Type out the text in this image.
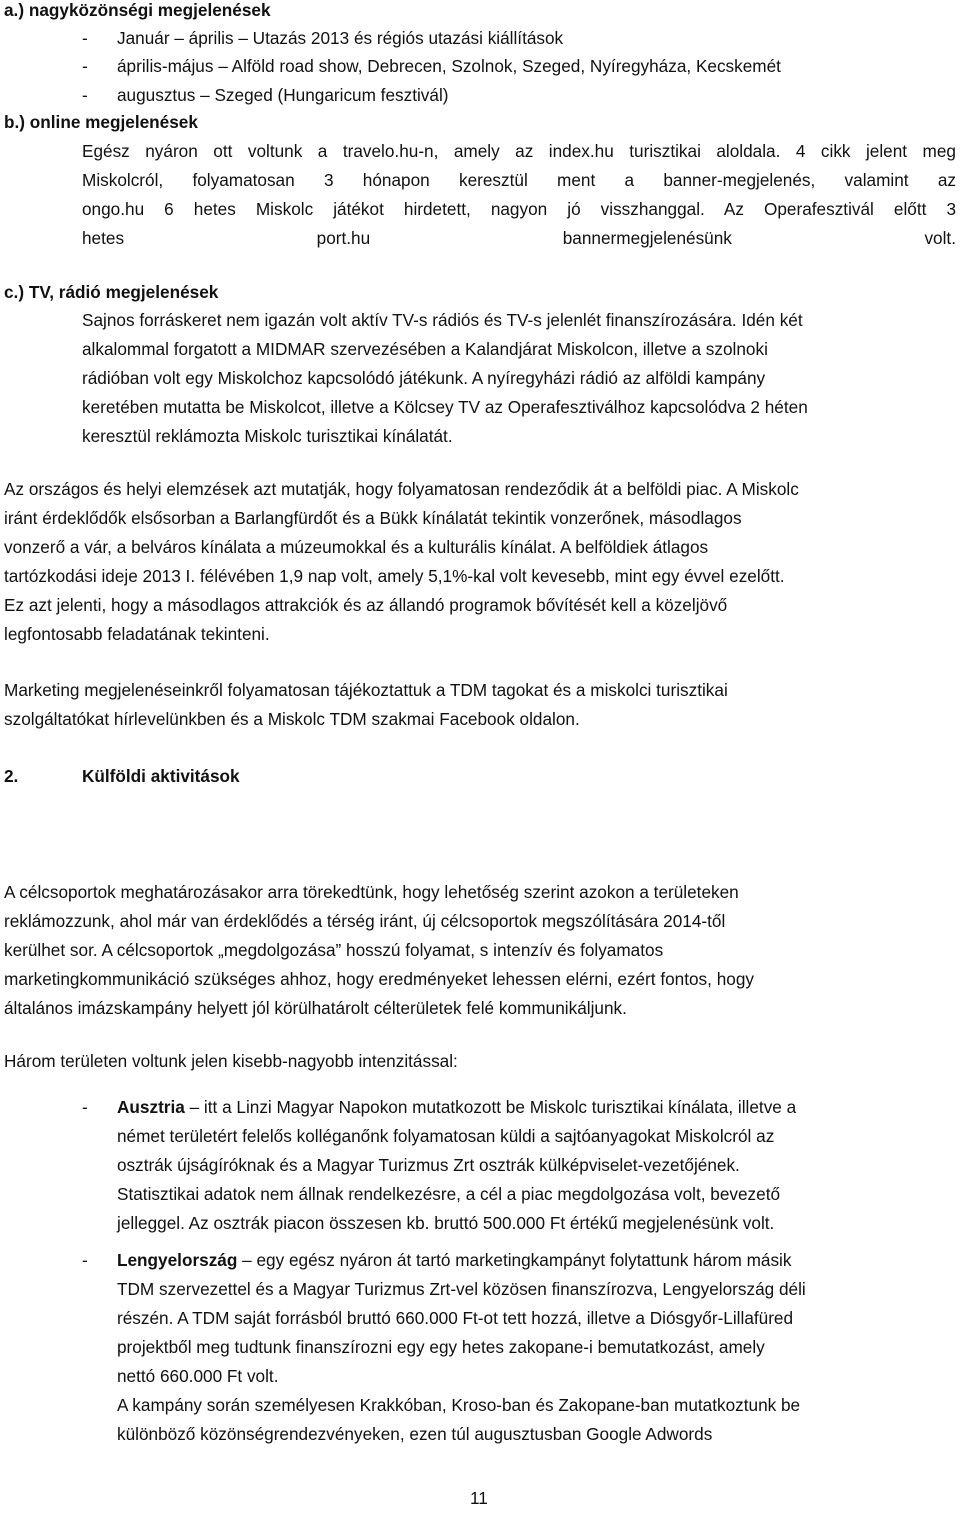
a.) nagyközönségi megjelenések
- Január – április – Utazás 2013 és régiós utazási kiállítások
- április-május – Alföld road show, Debrecen, Szolnok, Szeged, Nyíregyháza, Kecskemét
- augusztus – Szeged (Hungaricum fesztivál)
b.) online megjelenések
Egész nyáron ott voltunk a travelo.hu-n, amely az index.hu turisztikai aloldala. 4 cikk jelent meg
Miskolcról, folyamatosan 3 hónapon keresztül ment a banner-megjelenés, valamint az
ongo.hu 6 hetes Miskolc játékot hirdetett, nagyon jó visszhanggal. Az Operafesztivál előtt 3
hetes port.hu bannermegjelenésünk volt.
c.) TV, rádió megjelenések
Sajnos forráskeret nem igazán volt aktív TV-s rádiós és TV-s jelenlét finanszírozására. Idén két
alkalommal forgatott a MIDMAR szervezésében a Kalandjárat Miskolcon, illetve a szolnoki
rádióban volt egy Miskolchoz kapcsolódó játékunk. A nyíregyházi rádió az alföldi kampány
keretében mutatta be Miskolcot, illetve a Kölcsey TV az Operafesztiválhoz kapcsolódva 2 héten
keresztül reklámozta Miskolc turisztikai kínálatát.
Az országos és helyi elemzések azt mutatják, hogy folyamatosan rendeződik át a belföldi piac. A Miskolc
iránt érdeklődők elsősorban a Barlangfürdőt és a Bükk kínálatát tekintik vonzerőnek, másodlagos
vonzerő a vár, a belváros kínálata a múzeumokkal és a kulturális kínálat. A belföldiek átlagos
tartózkodási ideje 2013 I. félévében 1,9 nap volt, amely 5,1%-kal volt kevesebb, mint egy évvel ezelőtt.
Ez azt jelenti, hogy a másodlagos attrakciók és az állandó programok bővítését kell a közeljövő
legfontosabb feladatának tekinteni.
Marketing megjelenéseinkről folyamatosan tájékoztattuk a TDM tagokat és a miskolci turisztikai
szolgáltatókat hírlevelünkben és a Miskolc TDM szakmai Facebook oldalon.
2.	Külföldi aktivitások
A célcsoportok meghatározásakor arra törekedtünk, hogy lehetőség szerint azokon a területeken
reklámozzunk, ahol már van érdeklődés a térség iránt, új célcsoportok megszólítására 2014-től
kerülhet sor. A célcsoportok „megdolgozása” hosszú folyamat, s intenzív és folyamatos
marketingkommunikáció szükséges ahhoz, hogy eredményeket lehessen elérni, ezért fontos, hogy
általános imázskampány helyett jól körülhatárolt célterületek felé kommunikáljunk.
Három területen voltunk jelen kisebb-nagyobb intenzitással:
- Ausztria – itt a Linzi Magyar Napokon mutatkozott be Miskolc turisztikai kínálata, illetve a
német területért felelős kolléganőnk folyamatosan küldi a sajtóanyagokat Miskolcról az
osztrák újságíróknak és a Magyar Turizmus Zrt osztrák külképviselet-vezetőjének.
Statisztikai adatok nem állnak rendelkezésre, a cél a piac megdolgozása volt, bevezető
jelleggel. Az osztrák piacon összesen kb. bruttó 500.000 Ft értékű megjelenésünk volt.
- Lengyelország – egy egész nyáron át tartó marketingkampányt folytattunk három másik
TDM szervezettel és a Magyar Turizmus Zrt-vel közösen finanszírozva, Lengyelország déli
részén. A TDM saját forrásból bruttó 660.000 Ft-ot tett hozzá, illetve a Diósgyőr-Lillafüred
projektből meg tudtunk finanszírozni egy egy hetes zakopane-i bemutatkozást, amely
nettó 660.000 Ft volt.
A kampány során személyesen Krakkóban, Kroso-ban és Zakopane-ban mutatkoztunk be
különböző közönségrendezvényeken, ezen túl augusztusban Google Adwords
11
